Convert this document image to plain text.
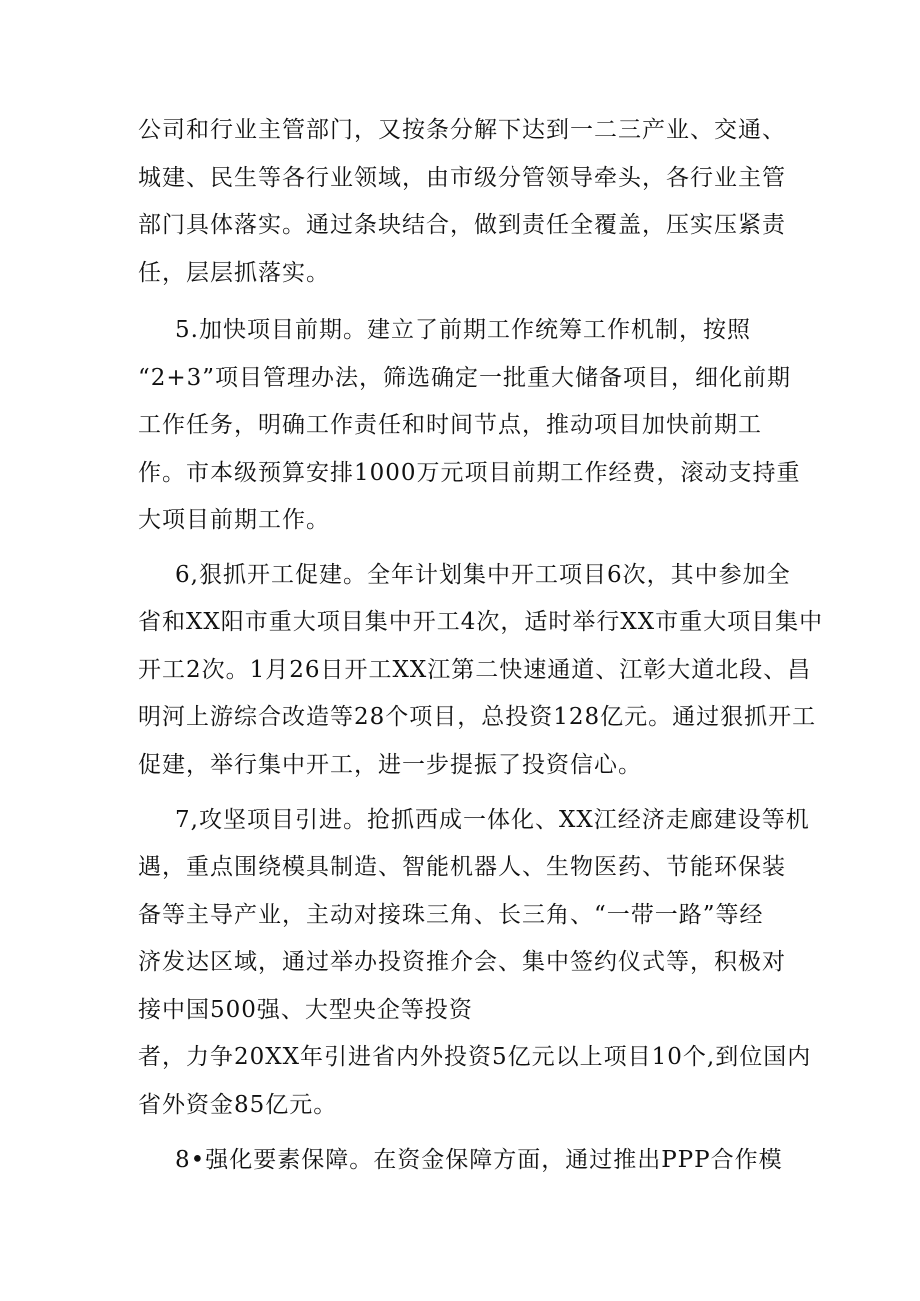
公司和行业主管部门，又按条分解下达到一二三产业、交通、

城建、民生等各行业领域，由市级分管领导牵头，各行业主管

部门具体落实。通过条块结合，做到责任全覆盖，压实压紧责

任，层层抓落实。

5.加快项目前期。建立了前期工作统筹工作机制，按照

“2+3”项目管理办法，筛选确定一批重大储备项目，细化前期

工作任务，明确工作责任和时间节点，推动项目加快前期工

作。市本级预算安排1000万元项目前期工作经费，滚动支持重

大项目前期工作。

6,狠抓开工促建。全年计划集中开工项目6次，其中参加全

省和XX阳市重大项目集中开工4次，适时举行XX市重大项目集中

开工2次。1月26日开工XX江第二快速通道、江彰大道北段、昌

明河上游综合改造等28个项目，总投资128亿元。通过狠抓开工

促建，举行集中开工，进一步提振了投资信心。

7,攻坚项目引进。抢抓西成一体化、XX江经济走廊建设等机

遇，重点围绕模具制造、智能机器人、生物医药、节能环保装

备等主导产业，主动对接珠三角、长三角、“一带一路”等经

济发达区域，通过举办投资推介会、集中签约仪式等，积极对

接中国500强、大型央企等投资

者，力争20XX年引进省内外投资5亿元以上项目10个,到位国内

省外资金85亿元。

8•强化要素保障。在资金保障方面，通过推出PPP合作模
